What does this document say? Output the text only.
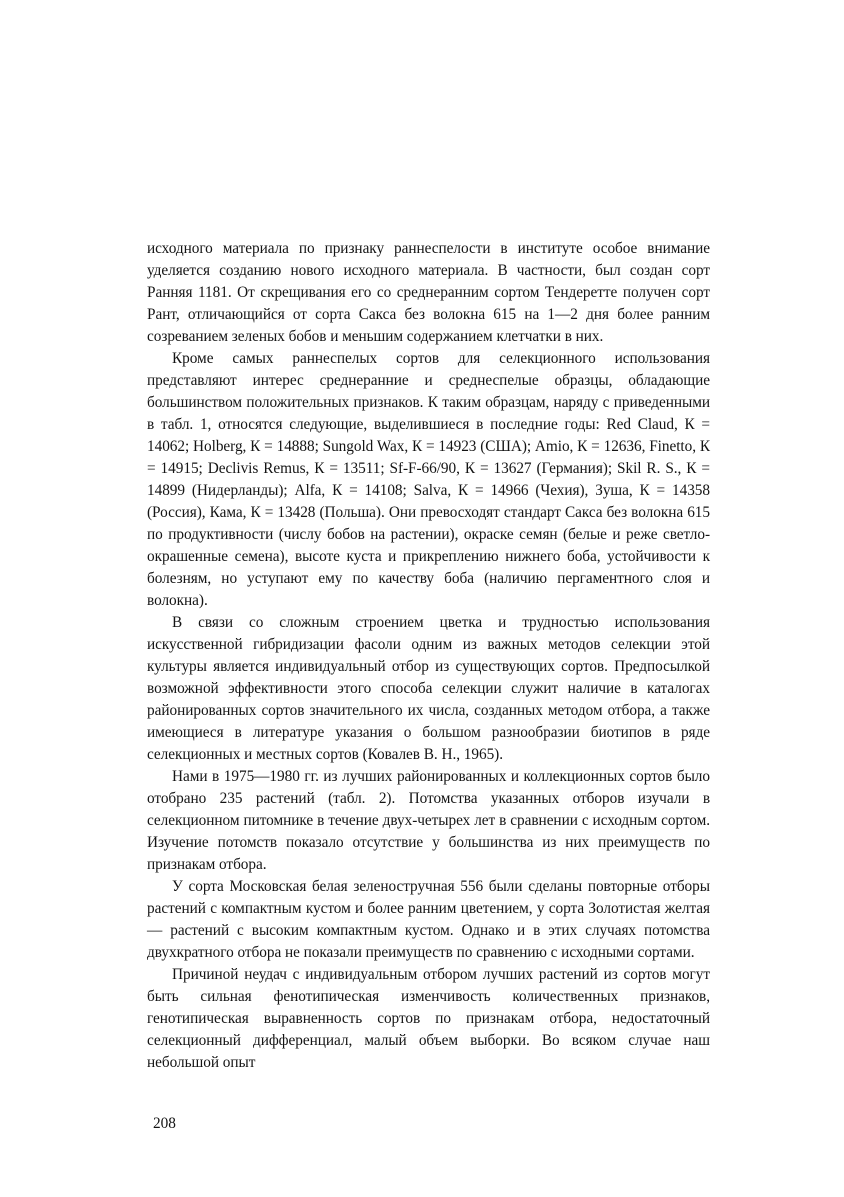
исходного материала по признаку раннеспелости в институте особое внимание уделяется созданию нового исходного материала. В частности, был создан сорт Ранняя 1181. От скрещивания его со среднеранним сортом Тендеретте получен сорт Рант, отличающийся от сорта Сакса без волокна 615 на 1—2 дня более ранним созреванием зеленых бобов и меньшим содержанием клетчатки в них.

Кроме самых раннеспелых сортов для селекционного использования представляют интерес среднеранние и среднеспелые образцы, обладающие большинством положительных признаков. К таким образцам, наряду с приведенными в табл. 1, относятся следующие, выделившиеся в последние годы: Red Claud, К = 14062; Holberg, К = 14888; Sungold Wax, К = 14923 (США); Amio, К = 12636, Finetto, К = 14915; Declivis Remus, К = 13511; Sf-F-66/90, К = 13627 (Германия); Skil R. S., К = 14899 (Нидерланды); Alfa, К = 14108; Salva, К = 14966 (Чехия), Зуша, К = 14358 (Россия), Кама, К = 13428 (Польша). Они превосходят стандарт Сакса без волокна 615 по продуктивности (числу бобов на растении), окраске семян (белые и реже светло-окрашенные семена), высоте куста и прикреплению нижнего боба, устойчивости к болезням, но уступают ему по качеству боба (наличию пергаментного слоя и волокна).

В связи со сложным строением цветка и трудностью использования искусственной гибридизации фасоли одним из важных методов селекции этой культуры является индивидуальный отбор из существующих сортов. Предпосылкой возможной эффективности этого способа селекции служит наличие в каталогах районированных сортов значительного их числа, созданных методом отбора, а также имеющиеся в литературе указания о большом разнообразии биотипов в ряде селекционных и местных сортов (Ковалев В. Н., 1965).

Нами в 1975—1980 гг. из лучших районированных и коллекционных сортов было отобрано 235 растений (табл. 2). Потомства указанных отборов изучали в селекционном питомнике в течение двух-четырех лет в сравнении с исходным сортом. Изучение потомств показало отсутствие у большинства из них преимуществ по признакам отбора.

У сорта Московская белая зеленостручная 556 были сделаны повторные отборы растений с компактным кустом и более ранним цветением, у сорта Золотистая желтая — растений с высоким компактным кустом. Однако и в этих случаях потомства двухкратного отбора не показали преимуществ по сравнению с исходными сортами.

Причиной неудач с индивидуальным отбором лучших растений из сортов могут быть сильная фенотипическая изменчивость количественных признаков, генотипическая выравненность сортов по признакам отбора, недостаточный селекционный дифференциал, малый объем выборки. Во всяком случае наш небольшой опыт

208
